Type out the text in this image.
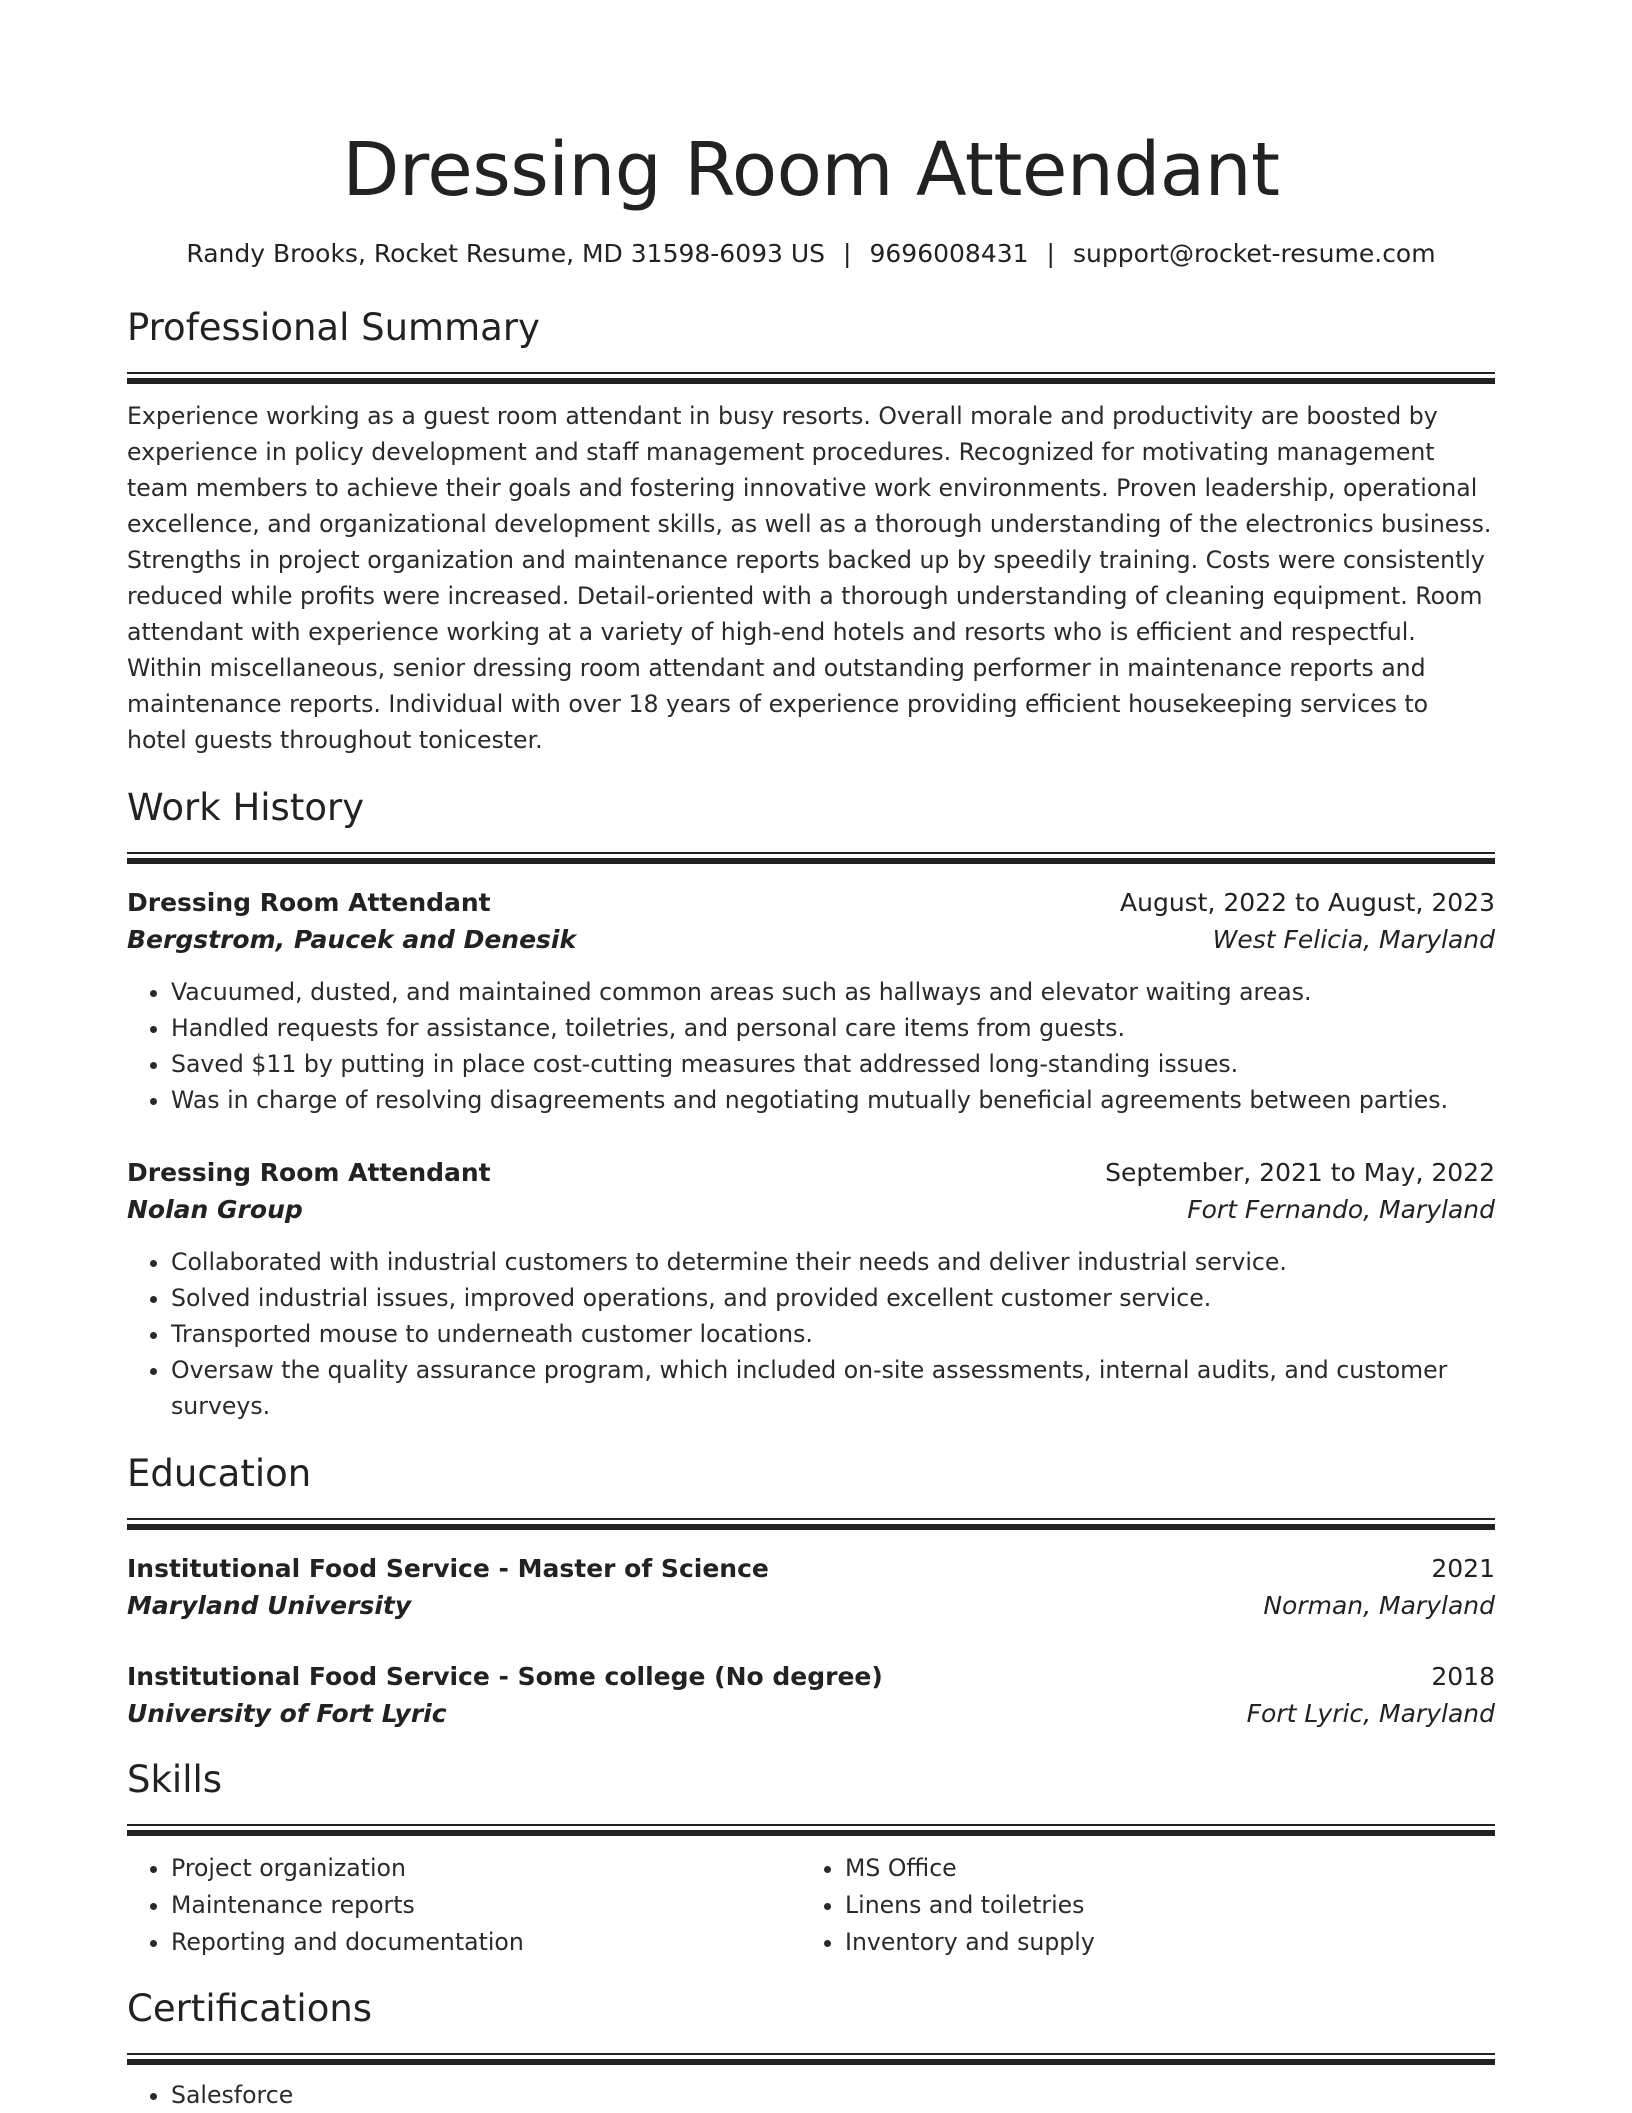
Dressing Room Attendant
Randy Brooks, Rocket Resume, MD 31598-6093 US | 9696008431 | support@rocket-resume.com
Professional Summary

Experience working as a guest room attendant in busy resorts. Overall morale and productivity are boosted by experience in policy development and staff management procedures. Recognized for motivating management team members to achieve their goals and fostering innovative work environments. Proven leadership, operational excellence, and organizational development skills, as well as a thorough understanding of the electronics business. Strengths in project organization and maintenance reports backed up by speedily training. Costs were consistently reduced while profits were increased. Detail-oriented with a thorough understanding of cleaning equipment. Room attendant with experience working at a variety of high-end hotels and resorts who is efficient and respectful. Within miscellaneous, senior dressing room attendant and outstanding performer in maintenance reports and maintenance reports. Individual with over 18 years of experience providing efficient housekeeping services to hotel guests throughout tonicester.

Work History
Dressing Room Attendant	August, 2022 to August, 2023
Bergstrom, Paucek and Denesik	West Felicia, Maryland
• Vacuumed, dusted, and maintained common areas such as hallways and elevator waiting areas.
• Handled requests for assistance, toiletries, and personal care items from guests.
• Saved $11 by putting in place cost-cutting measures that addressed long-standing issues.
• Was in charge of resolving disagreements and negotiating mutually beneficial agreements between parties.
Dressing Room Attendant	September, 2021 to May, 2022
Nolan Group	Fort Fernando, Maryland
• Collaborated with industrial customers to determine their needs and deliver industrial service.
• Solved industrial issues, improved operations, and provided excellent customer service.
• Transported mouse to underneath customer locations.
• Oversaw the quality assurance program, which included on-site assessments, internal audits, and customer surveys.
Education
Institutional Food Service - Master of Science	2021
Maryland University	Norman, Maryland
Institutional Food Service - Some college (No degree)	2018
University of Fort Lyric	Fort Lyric, Maryland
Skills
• Project organization
• Maintenance reports
• Reporting and documentation
• MS Office
• Linens and toiletries
• Inventory and supply
Certifications
• Salesforce
